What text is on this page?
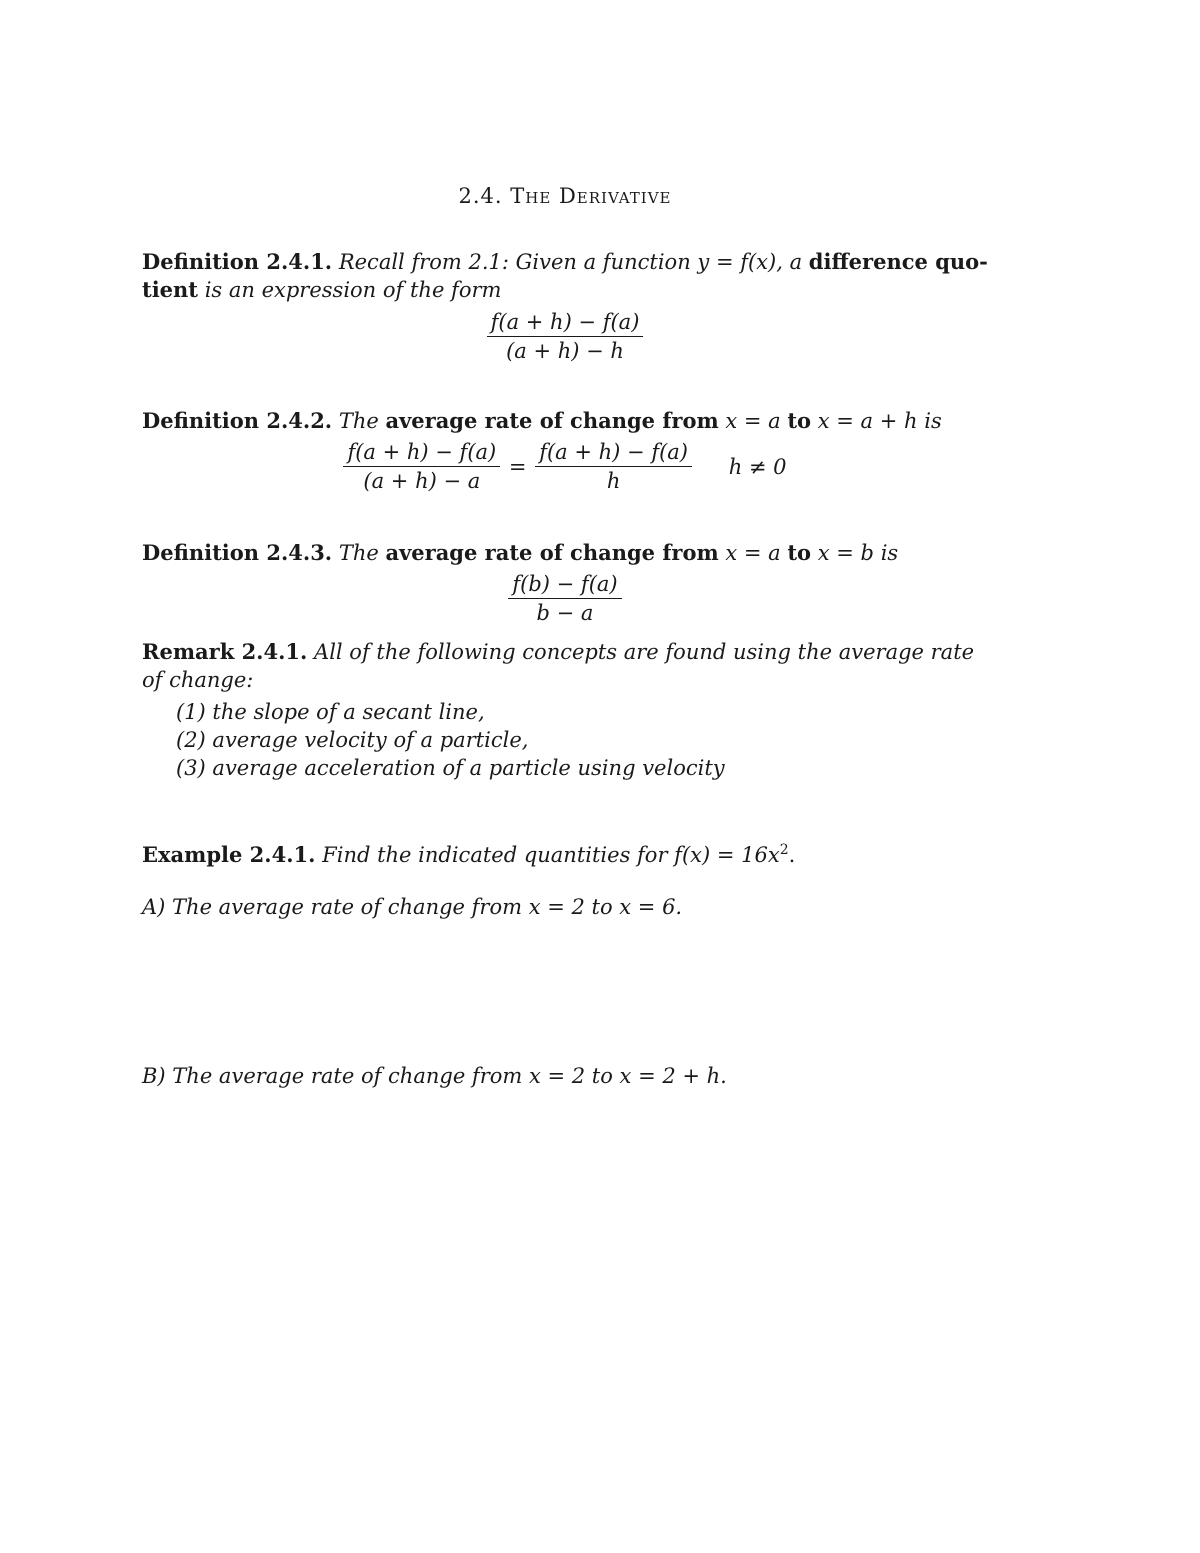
2.4. The Derivative
Definition 2.4.1. Recall from 2.1: Given a function y = f(x), a difference quo-
tient is an expression of the form
$\frac{f(a + h) - f(a)}{(a + h) - h}$
Definition 2.4.2. The average rate of change from x = a to x = a + h is
$\frac{f(a + h) - f(a)}{(a + h) - a} = \frac{f(a + h) - f(a)}{h}$ h ≠ 0
Definition 2.4.3. The average rate of change from x = a to x = b is
$\frac{f(b) - f(a)}{b - a}$
Remark 2.4.1. All of the following concepts are found using the average rate of change:
(1) the slope of a secant line,
(2) average velocity of a particle,
(3) average acceleration of a particle using velocity
Example 2.4.1. Find the indicated quantities for $f(x) = 16x^2$.
A) The average rate of change from x = 2 to x = 6.
B) The average rate of change from x = 2 to x = 2 + h.
